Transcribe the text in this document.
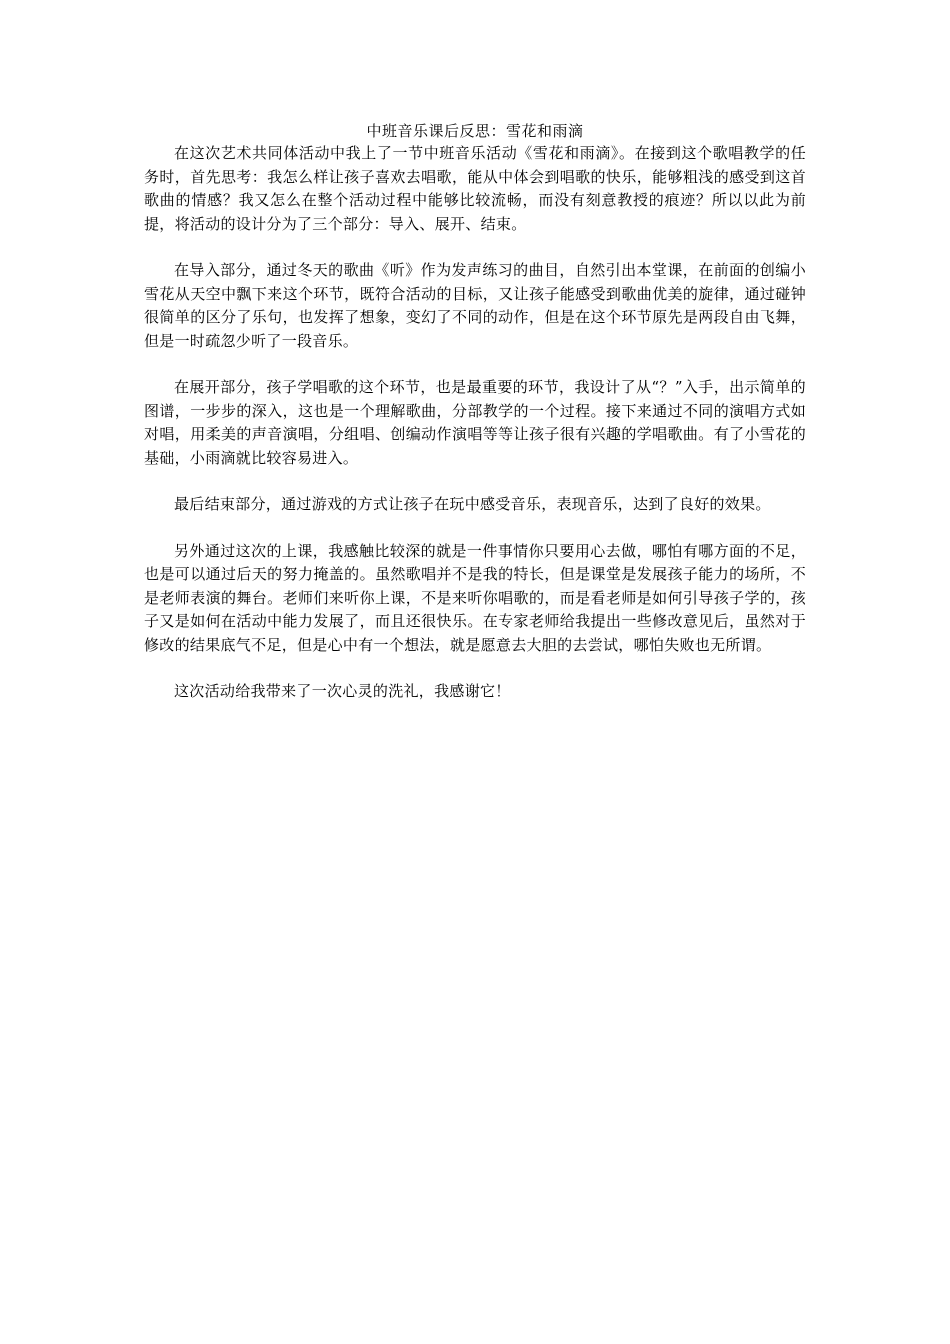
中班音乐课后反思：雪花和雨滴

在这次艺术共同体活动中我上了一节中班音乐活动《雪花和雨滴》。在接到这个歌唱教学的任务时，首先思考：我怎么样让孩子喜欢去唱歌，能从中体会到唱歌的快乐，能够粗浅的感受到这首歌曲的情感？我又怎么在整个活动过程中能够比较流畅，而没有刻意教授的痕迹？所以以此为前提，将活动的设计分为了三个部分：导入、展开、结束。

在导入部分，通过冬天的歌曲《听》作为发声练习的曲目，自然引出本堂课，在前面的创编小雪花从天空中飘下来这个环节，既符合活动的目标，又让孩子能感受到歌曲优美的旋律，通过碰钟很简单的区分了乐句，也发挥了想象，变幻了不同的动作，但是在这个环节原先是两段自由飞舞，但是一时疏忽少听了一段音乐。

在展开部分，孩子学唱歌的这个环节，也是最重要的环节，我设计了从“？”入手，出示简单的图谱，一步步的深入，这也是一个理解歌曲，分部教学的一个过程。接下来通过不同的演唱方式如对唱，用柔美的声音演唱，分组唱、创编动作演唱等等让孩子很有兴趣的学唱歌曲。有了小雪花的基础，小雨滴就比较容易进入。

最后结束部分，通过游戏的方式让孩子在玩中感受音乐，表现音乐，达到了良好的效果。

另外通过这次的上课，我感触比较深的就是一件事情你只要用心去做，哪怕有哪方面的不足，也是可以通过后天的努力掩盖的。虽然歌唱并不是我的特长，但是课堂是发展孩子能力的场所，不是老师表演的舞台。老师们来听你上课，不是来听你唱歌的，而是看老师是如何引导孩子学的，孩子又是如何在活动中能力发展了，而且还很快乐。在专家老师给我提出一些修改意见后，虽然对于修改的结果底气不足，但是心中有一个想法，就是愿意去大胆的去尝试，哪怕失败也无所谓。

这次活动给我带来了一次心灵的洗礼，我感谢它！
